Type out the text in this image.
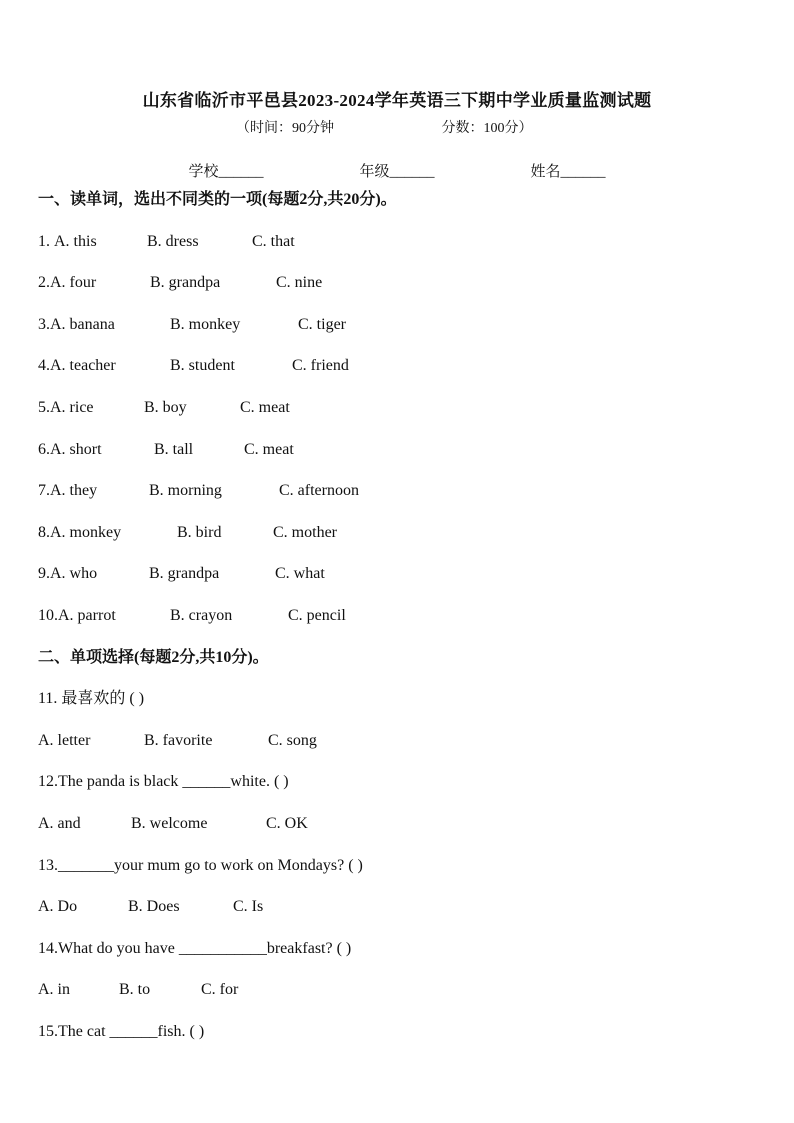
山东省临沂市平邑县2023-2024学年英语三下期中学业质量监测试题
（时间：90分钟	分数：100分）
学校______	年级______	姓名______
一、读单词，选出不同类的一项(每题2分,共20分)。
1. A. this	B. dress	C. that
2.A. four	B. grandpa	C. nine
3.A. banana	B. monkey	C. tiger
4.A. teacher	B. student	C. friend
5.A. rice	B. boy	C. meat
6.A. short	B. tall	C. meat
7.A. they	B. morning	C. afternoon
8.A. monkey	B. bird	C. mother
9.A. who	B. grandpa	C. what
10.A. parrot	B. crayon	C. pencil
二、单项选择(每题2分,共10分)。
11. 最喜欢的 ( )
A. letter	B. favorite	C. song
12.The panda is black ______white. ( )
A. and	B. welcome	C. OK
13._______your mum go to work on Mondays? ( )
A. Do	B. Does	C. Is
14.What do you have ___________breakfast? ( )
A. in	B. to	C. for
15.The cat ______fish. ( )
